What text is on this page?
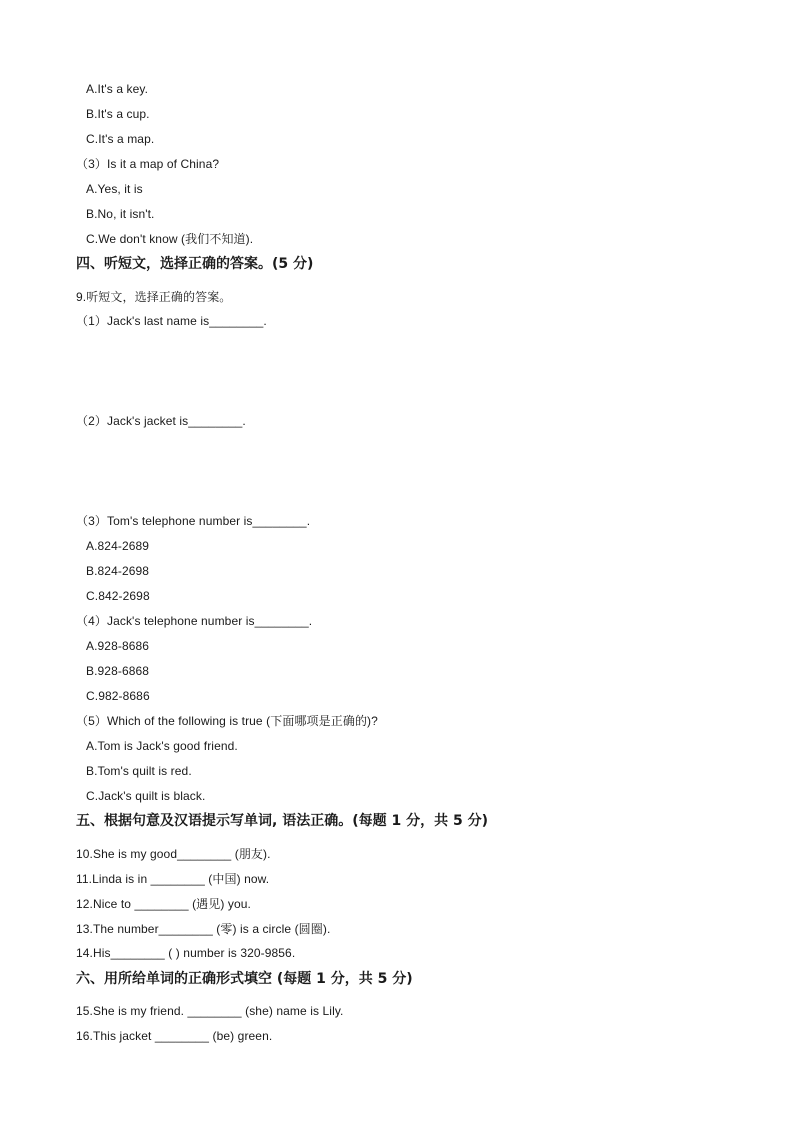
A.It's a key.
B.It's a cup.
C.It's a map.
（3）Is it a map of China?
A.Yes, it is
B.No, it isn't.
C.We don't know (我们不知道).
四、听短文，选择正确的答案。(5 分)
9.听短文，选择正确的答案。
（1）Jack's last name is________.
（2）Jack's jacket is________.
（3）Tom's telephone number is________.
A.824-2689
B.824-2698
C.842-2698
（4）Jack's telephone number is________.
A.928-8686
B.928-6868
C.982-8686
（5）Which of the following is true (下面哪项是正确的)?
A.Tom is Jack's good friend.
B.Tom's quilt is red.
C.Jack's quilt is black.
五、根据句意及汉语提示写单词, 语法正确。(每题 1 分，共 5 分)
10.She is my good________ (朋友).
11.Linda is in ________ (中国) now.
12.Nice to ________ (遇见) you.
13.The number________ (零) is a circle (圆圈).
14.His________ ( ) number is 320-9856.
六、用所给单词的正确形式填空 (每题 1 分，共 5 分)
15.She is my friend. ________ (she) name is Lily.
16.This jacket ________ (be) green.
